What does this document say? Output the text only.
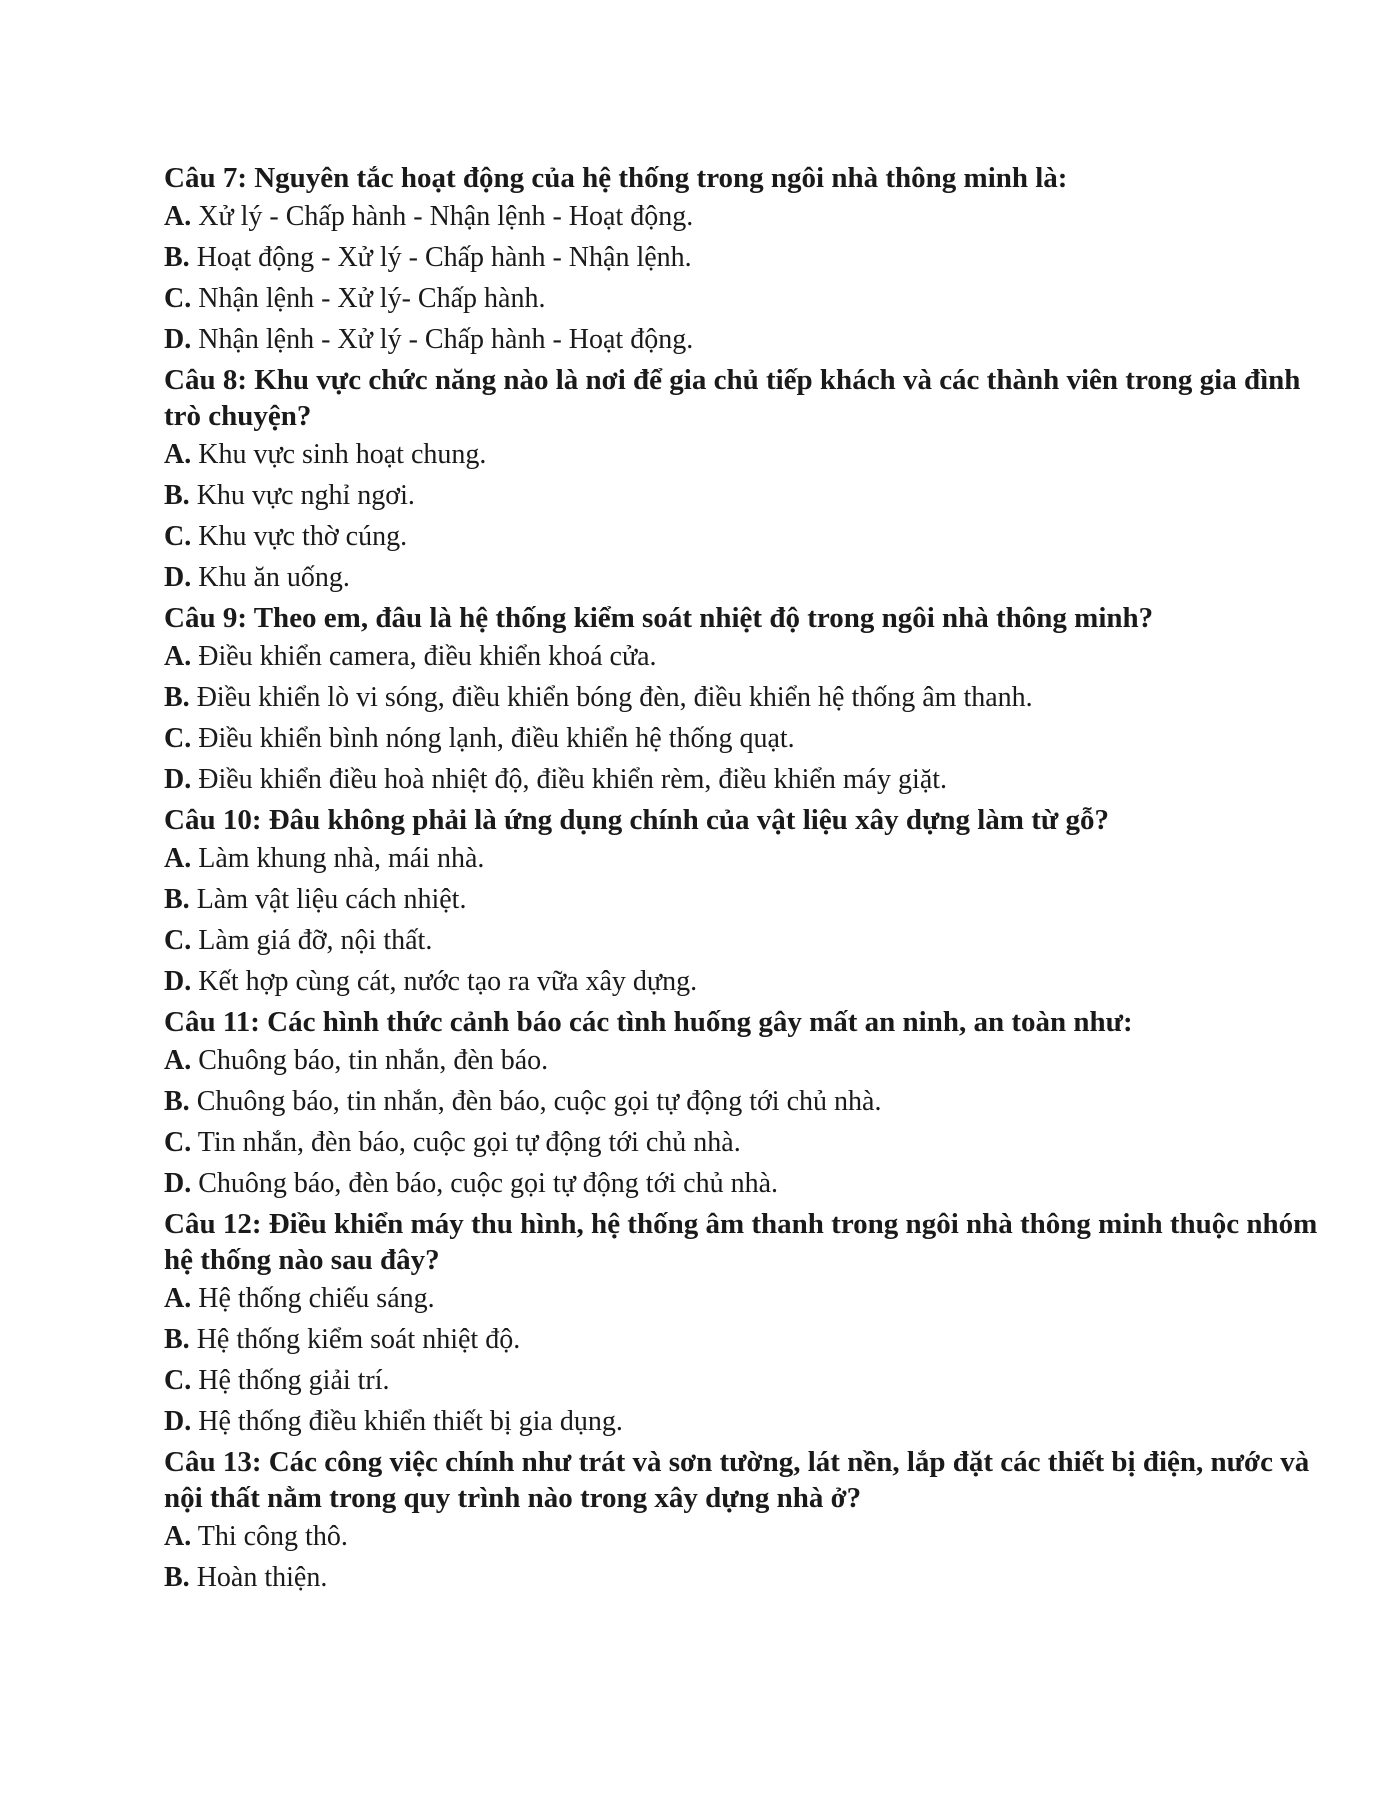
Câu 7: Nguyên tắc hoạt động của hệ thống trong ngôi nhà thông minh là:

A. Xử lý - Chấp hành - Nhận lệnh - Hoạt động.

B. Hoạt động - Xử lý - Chấp hành - Nhận lệnh.

C. Nhận lệnh - Xử lý- Chấp hành.

D. Nhận lệnh - Xử lý - Chấp hành - Hoạt động.

Câu 8: Khu vực chức năng nào là nơi để gia chủ tiếp khách và các thành viên trong gia đình trò chuyện?

A. Khu vực sinh hoạt chung.

B. Khu vực nghỉ ngơi.

C. Khu vực thờ cúng.

D. Khu ăn uống.

Câu 9: Theo em, đâu là hệ thống kiểm soát nhiệt độ trong ngôi nhà thông minh?

A. Điều khiển camera, điều khiển khoá cửa.

B. Điều khiển lò vi sóng, điều khiển bóng đèn, điều khiển hệ thống âm thanh.

C. Điều khiển bình nóng lạnh, điều khiển hệ thống quạt.

D. Điều khiển điều hoà nhiệt độ, điều khiển rèm, điều khiển máy giặt.

Câu 10: Đâu không phải là ứng dụng chính của vật liệu xây dựng làm từ gỗ?

A. Làm khung nhà, mái nhà.

B. Làm vật liệu cách nhiệt.

C. Làm giá đỡ, nội thất.

D. Kết hợp cùng cát, nước tạo ra vữa xây dựng.

Câu 11: Các hình thức cảnh báo các tình huống gây mất an ninh, an toàn như:

A. Chuông báo, tin nhắn, đèn báo.

B. Chuông báo, tin nhắn, đèn báo, cuộc gọi tự động tới chủ nhà.

C. Tin nhắn, đèn báo, cuộc gọi tự động tới chủ nhà.

D. Chuông báo, đèn báo, cuộc gọi tự động tới chủ nhà.

Câu 12: Điều khiển máy thu hình, hệ thống âm thanh trong ngôi nhà thông minh thuộc nhóm hệ thống nào sau đây?

A. Hệ thống chiếu sáng.

B. Hệ thống kiểm soát nhiệt độ.

C. Hệ thống giải trí.

D. Hệ thống điều khiển thiết bị gia dụng.

Câu 13: Các công việc chính như trát và sơn tường, lát nền, lắp đặt các thiết bị điện, nước và nội thất nằm trong quy trình nào trong xây dựng nhà ở?

A. Thi công thô.

B. Hoàn thiện.
